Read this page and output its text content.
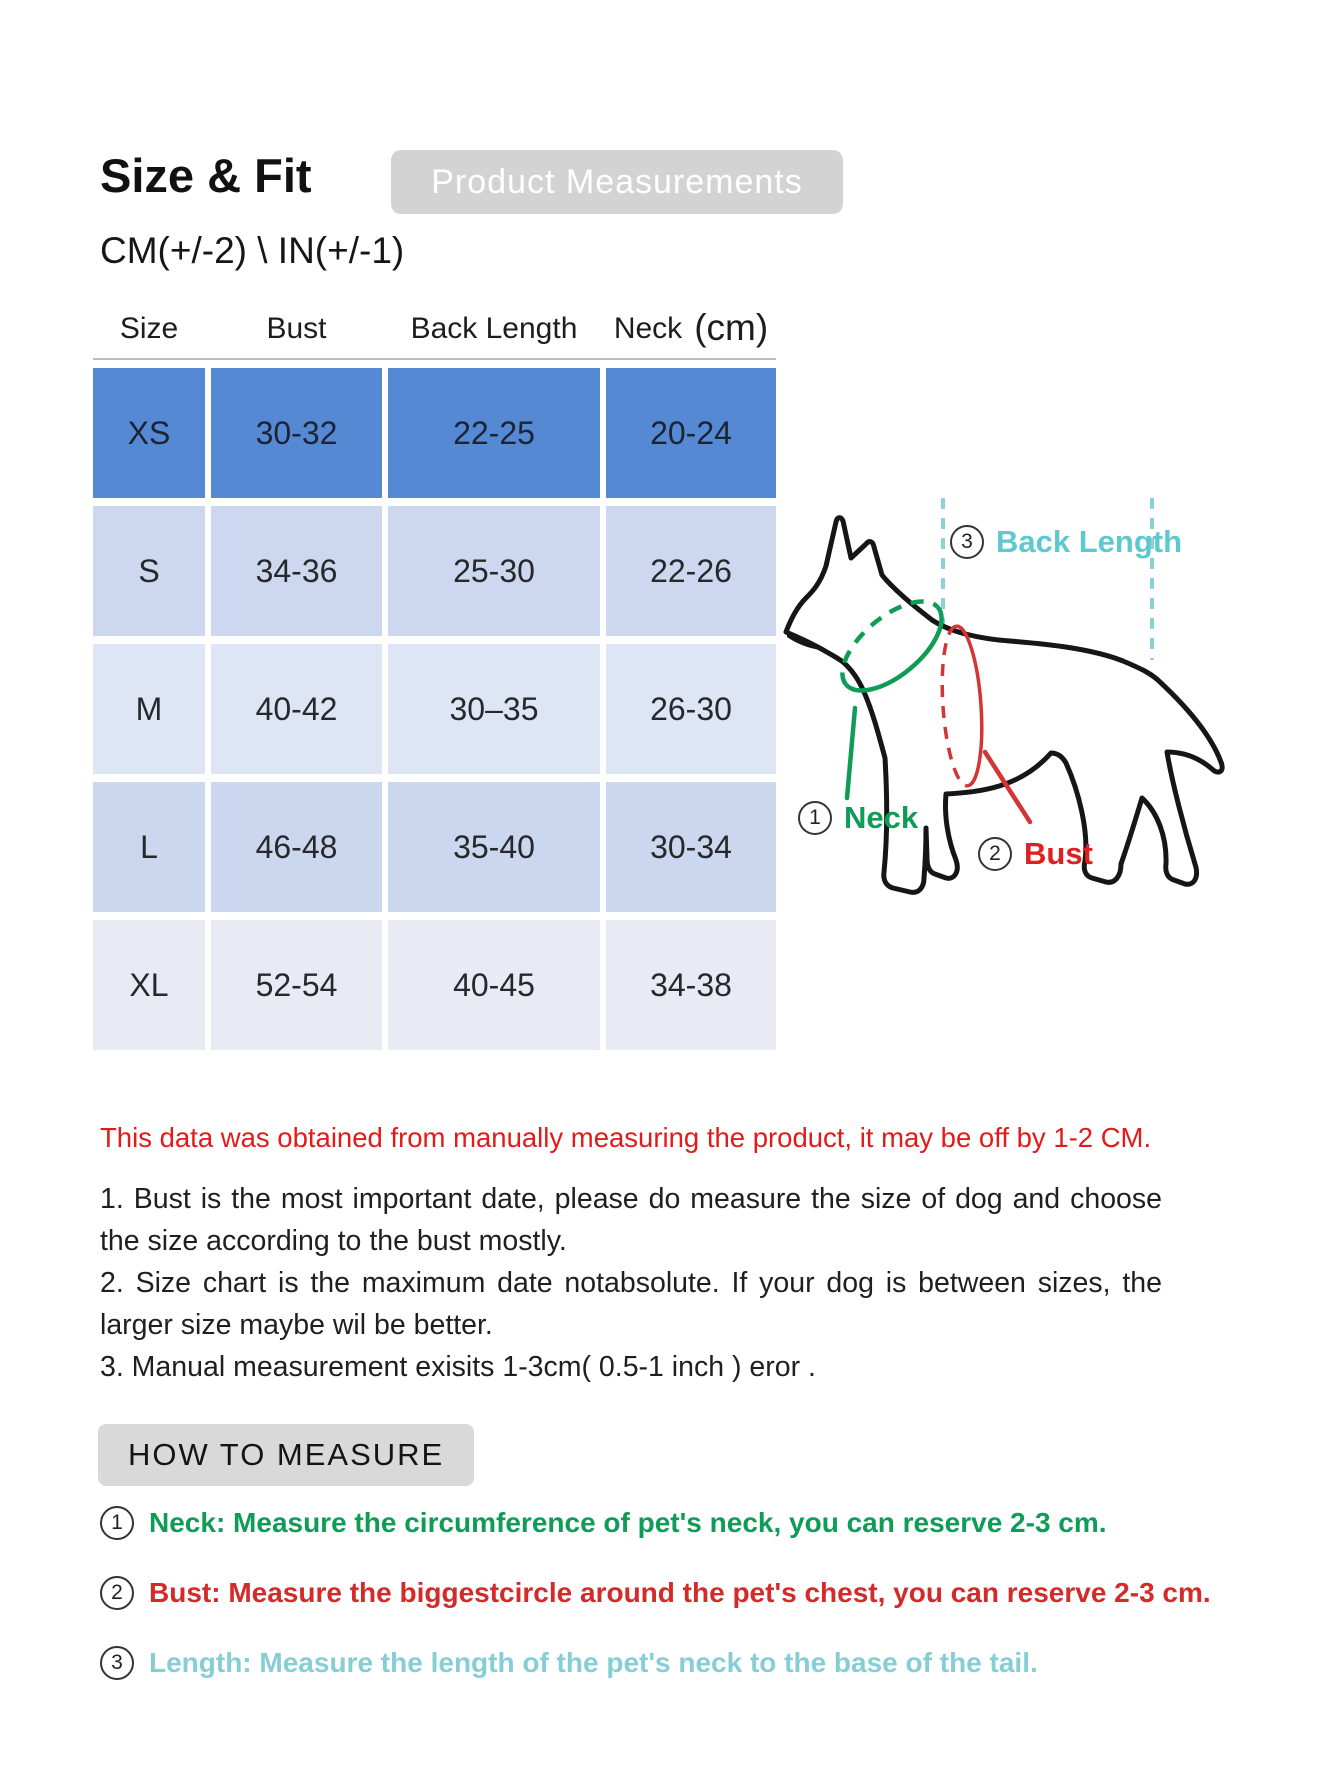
Size & Fit	Product Measurements
CM(+/-2) \ IN(+/-1)
Size	Bust	Back Length	Neck (cm)
XS	30-32	22-25	20-24
S	34-36	25-30	22-26
M	40-42	30–35	26-30
L	46-48	35-40	30-34
XL	52-54	40-45	34-38
3 Back Length
1 Neck
2 Bust
This data was obtained from manually measuring the product, it may be off by 1-2 CM.

1. Bust is the most important date, please do measure the size of dog and choose the size according to the bust mostly.

2. Size chart is the maximum date notabsolute. If your dog is between sizes, the larger size maybe wil be better.

3. Manual measurement exisits 1-3cm( 0.5-1 inch ) eror .

HOW TO MEASURE
1 Neck: Measure the circumference of pet's neck, you can reserve 2-3 cm.
2 Bust: Measure the biggestcircle around the pet's chest, you can reserve 2-3 cm.
3 Length: Measure the length of the pet's neck to the base of the tail.
